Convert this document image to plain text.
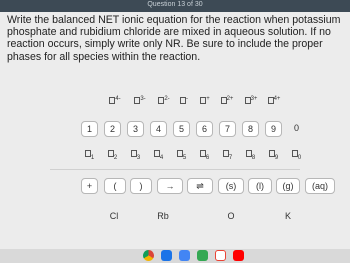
Question 13 of 30
Write the balanced NET ionic equation for the reaction when potassium phosphate and rubidium chloride are mixed in aqueous solution. If no reaction occurs, simply write only NR. Be sure to include the proper phases for all species within the reaction.
$^{4-}$	$^{3-}$	$^{2-}$	-	+	$^{2+}$	$^{3+}$	$^{4+}$
1	2	3	4	5	6	7	8	9	0
$_1$	$_2$	$_3$	$_4$	$_5$	$_6$	$_7$	$_8$	$_9$	$_0$
+	(	)	→	⇌	(s)	(l)	(g)	(aq)
Cl	Rb	O	K
